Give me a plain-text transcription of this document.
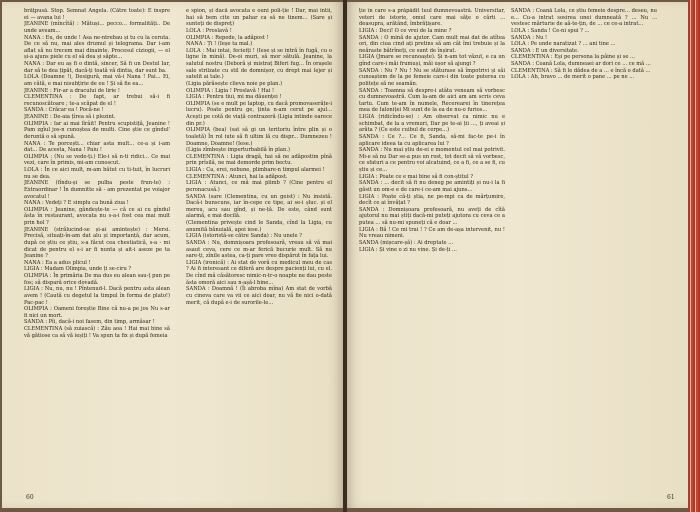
brățpusă. Stop. Semnat Angela. (Către toate): E înspre ei — avana lui !

JEANINE (mîncîtă) : Mătuși... pecco... formalități.. De unde aveam...

NANA : Eu, de unde ! Asa ne-ntrebau și tu cu la ceruta. De ce să nu, mai ales drumul și telegrama. Dar i-am aflat să nu trecem mai dinainte. Procesul ciziogii, — el și-a ajuns piele cu el să dea și săpte...

NANA : Dar eu aș fi o dintă, sincer, Să fi un Destul Iar, dar să te dea țipăt, dacă-ți toată vă dintia, dar sunt ba.

LOLA (Doamne !), Desigură, mai vă-i Nana ! Pai... Ei, am câtă, e mai nisubțirie de eu ! Și să fie ea...

JEANINE : Fir-ar a dracului de lirie !

CLEMENTINA : De fapt, ar trebui să-i fi recunoscătoare ; te-a scăpat de el !

SANDA : Crăcar ea ! Pocă-ne !

JEANINE : De-aia țîrea să i plezint.

OLIMPIA : Iar ai mai lîrâit! Pentru scupistiță, Jeanine ! Pam zgîul jos-n cunoștea de multi. Cine știe ce gîndul' deruntă o să spună.

NANA : Te porcești... chiar asta mult... ce-a și i-am dat... De acesta, Nana ! Paiu !

OLIMPIA : (Nu se vede-ți.) Ele-i să n-ti ridici... Ce mai vezi, care în primis, mi-am cunoscut.

LOLA : În ce aici mult, m-am bătut cu ti-tuit, în lucruri nu se dea.

JEANINE (fîndu-și se pulba peste frun-te) : Extraordinar ! În dumnitte să - am prezentat pe voiajor avocatul !

NANA : Vedeți ? E simplu ca bună ziua !

OLIMPIA : Jeanine, gândește-te — că ce ai cu gîndul ăsta în restaurant, avocata nu s-a-i fost cea mai mult prin hol ?

JEANINE (strălucind-se și-ai amintește) : Mersi. Precisă, situați-în-am dat alu și importanță, dar acum, după ce știu ce știu, s-a făcut cea chestiatică, s-a - mi dicat de pentru el s-i ar fi nunta și ait-i aseze pe ta Jeanine ?

NANA : Ea a adus plicul !

LIGIA : Madam Olimpia, unde ți se-ciru ?

OLIMPIA : În primăria De ma dus eu alean sau-ț pun pe fos; să dispară orice dovadă.

LIGIA : Nu, nu, nu ! Pîntenud-l. Dacă pentru asta alean avem ! (Caută cu degetul la timpul în forma de plato!) Pac-pac !

OLIMPIA : Oameni foreștie Bine că nu-a pe jos Nu s-ar fi nici un mort.

SANDA : Pîi, dacă-i noi fasem, din timp, armăsar !

CLEMENTINA (să zuiască) : Zău aoa ! Hai mai bine să vă gătiose ca să vă ieșiți ! Va spun ta fix și după femeia

e spion, și dacă avocata e ouni poli-ție ! Dar, mai întii, hai să bem cite un pahar ca să ne tinem... (Sare și sunteți de dispreț)

LOLA : Proslavă !

OLIMPIA : Repede, la adăpost !

NANA : Ți ! (Ieșe ta mal.)

LOLA : Mai intai, fecieiți ! (Iese și se intră în fugă, cu o ligne în mină). De-oi muri, să mor sătulă. Jeanine, la salutul nostru (Deboră și mistraț Biferi fug... În orașele sale strilzate cu stil de domnișor, cu drept mai lejer și satelit ai tale.)

(Ligia părăsește clieva noie pe plan.)

OLIMPIA : Ligia ! Proslavă ! Hai !

LIGIA : Pentru tiui, mi ma dăuenței !

OLIMPIA (se e mult pe laptop, cu dacă promovaserățe-i lucru). Poate pentru ge, ținta n-am cerut pe ajul... Acești pe cotă de viață contrazeră (Ligia intinde oarece din pr.)

OLIMPIA (bea) (sat să gi un teritoriu între plin și o toaletă) În rol iute să fi ultim lă cu dispr... Dumnezeu ! Doamne, Doamne! (Iese.)

(Ligia zîmbește imperturbabilă în plan.)

CLEMENTINA : Ligia dragă, hai să ne adăpostim pînă prin prîsilă, ne mai demorde prim bectu.

LIGIA : Ca, erei, nebune, plimbare-n timpul alarmei !

CLEMENTINA : Atunci, hai la adăpost.

LIGIA : Atunci, ce mă mai plimb ? (Cine pentru el peronacusă.)

SANDA (sare (Clementina, cu un geist) : Nu insistă. Dacă-i bunscuns, iar în-cepe ce tipe, ai se-i șluc. și el mereu, acu sau gînd, și ne-ță. De este, când sunt alarmă, e mai docilă.

(Clementina privește cind le Sanda, cînd la Ligia, cu anumită bănuială, apoi iese.)

LIGIA (istoristă-se către Sanda) : Nu unele ?

SANDA : Nu, domnișoara profesoară, vreau să vă mai asaut ceva, cere ce m-ar ferică bucurie mult. Să nu sare-ți, zînile astea, ca-ți pare vreo dispărut în fața lui.

LIGIA (ironică) : Ai stat de voră cu medicul meu de cas ? Ai fi interesant ce diferă are despre pacienți lui, cu el. De cînd mă căsătoresc nimic-n-tr-o noapte ne dau peste ăsta omoră aici sau n-așă-l bine...

SANDA : Doamnă ! (Îi abroba mîna) Am stat de vorbă cu cineva care va vii ce aici doar, nu vă fie nici o-dată merit, că după e-i de surorile-le...

60

ție în care s-a prăpădit tuul dumnevoastră. Universitar, veteri de istorie, omul care mai sățe o cărti ... deasupra, arătând, îmbrățișare.

LIGIA : Deci! O ce vrei de la mine ?

SANDA : O mină de ajutor. Cam mult mai dat de atîtea ori, din ciua cind ați pretins să am cât îmi trebuie și la neăraste bătrîneți, ce sunt de înșirat.

LIGIA (Jmare se recunoaște). Și n-am tot văzut, e ca un gînd care-i măi frumuși, măi ușor să ajungi ?

SANDA : Nu ? Nu ! Nu se stăturase să împotrivi și săi cunoaștem de la pe femeie care-i din toate puterea cu politețe să ne seamăn.

SANDA : Toamna să despre-i atâta veneam să vorbesc cu dumnevoastră. Cum la-am de aici am am scris ceva tartu. Cum te-am în numele, Recerearei în tinerețea mea de Ialoniței Mi sunt de la ea de nu-o furios...

LIGIA (ridicîndu-se) : Am observat ca nimic nu e schimbat, de la a vremuri, Dar pe te-ai ții ..., ți aveai și arăta ? (Ce este cuibul de cerpe...)

SANDA : Ce ?... Ce fi, Sanda, să-mi fac-te pe-i în aplicare ideea ta cu aplicarea lui ?

SANDA : Nu mai știu de-ei e momentul cel mai potrivit. Mi-e să nu Dar se-a pus un rost, tot decit să vă vorbesc, ce sfaturi a ce pentru voi alcatuind, ce a fi, ce a se fi, cu știu și ce...

LIGIA : Poate ce e mai bine să fi con-știtul ?

SANDA : ... decit să fi nu deneg pe amintiți și nu-i la fi găsit un om-e e de care-i ce-am mai ajuns...

LIGIA : Poate că-ți știa, ne pe-mpi ca de mărțumire, decît ce ai învățat ?

SANDA : Domnișoara profesoară, nu aveți de cîtă ajutorul nu mai știți dacă-mi puteți ajutora cu ceva ce a putea ... să nu-mi spuneți că e doar ...

LIGIA : Bă ! Ce mi trai ! ? Ce am de-așa intervenit, nu ! Nu vreau nimeni.

SANDA (mișcare-șă) : Ai dreptate ...

LIGIA : Și vine o zi nu vine. Și de-ți ...

SANDA : Coană Lola, ce știu femeie despre... deseu, nu e... Cu-a intrat sosirea unei dumneată ? ... Nu ... vestesc mărturie de aă-te-țin, de ... ce ce-a intrat...

LOLA : Sanda ! Ce-ni spui ? ...

SANDA : Nu !

LOLA : Pe unde naratizat ? ... ani tine ...

SANDA : E un diversitate.

CLEMENTINA : Eși pe persona la pâine și se ...

SANDA : Coană Lola, dumneaei ar dori ce ... ce mă ...

CLEMENTINA : Să fi le dădea de a ... e încă o dată ...

LOLA : Ah, bravo ... de merit o pane ... pe ne ...

61
